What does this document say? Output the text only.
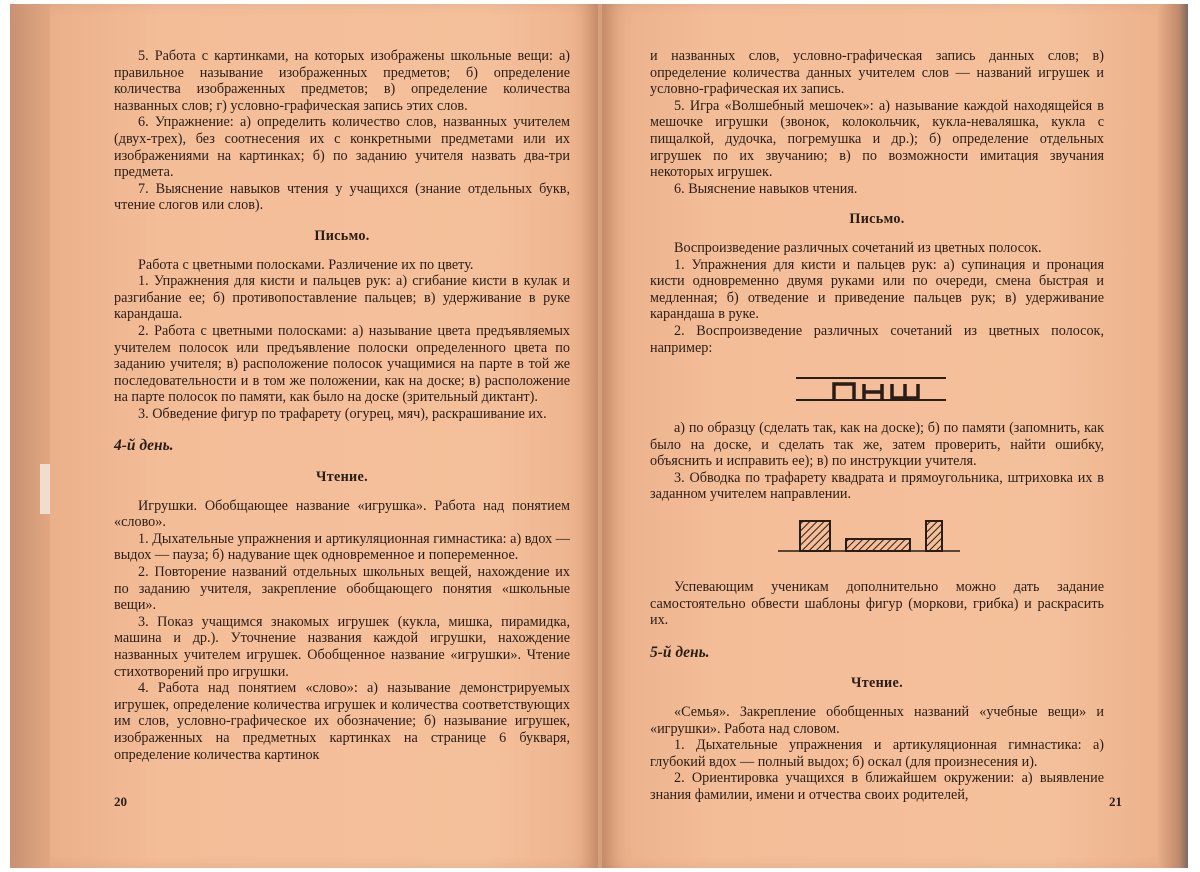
5. Работа с картинками, на которых изображены школьные вещи: а) правильное называние изображенных предметов; б) определение количества изображенных предметов; в) определение количества названных слов; г) условно-графическая запись этих слов.

6. Упражнение: а) определить количество слов, названных учителем (двух-трех), без соотнесения их с конкретными предметами или их изображениями на картинках; б) по заданию учителя назвать два-три предмета.

7. Выяснение навыков чтения у учащихся (знание отдельных букв, чтение слогов или слов).

Письмо.

Работа с цветными полосками. Различение их по цвету.

1. Упражнения для кисти и пальцев рук: а) сгибание кисти в кулак и разгибание ее; б) противопоставление пальцев; в) удерживание в руке карандаша.

2. Работа с цветными полосками: а) называние цвета предъявляемых учителем полосок или предъявление полоски определенного цвета по заданию учителя; в) расположение полосок учащимися на парте в той же последовательности и в том же положении, как на доске; в) расположение на парте полосок по памяти, как было на доске (зрительный диктант).

3. Обведение фигур по трафарету (огурец, мяч), раскрашивание их.

4-й день.

Чтение.

Игрушки. Обобщающее название «игрушка». Работа над понятием «слово».

1. Дыхательные упражнения и артикуляционная гимнастика: а) вдох — выдох — пауза; б) надувание щек одновременное и попеременное.

2. Повторение названий отдельных школьных вещей, нахождение их по заданию учителя, закрепление обобщающего понятия «школьные вещи».

3. Показ учащимся знакомых игрушек (кукла, мишка, пирамидка, машина и др.). Уточнение названия каждой игрушки, нахождение названных учителем игрушек. Обобщенное название «игрушки». Чтение стихотворений про игрушки.

4. Работа над понятием «слово»: а) называние демонстрируемых игрушек, определение количества игрушек и количества соответствующих им слов, условно-графическое их обозначение; б) называние игрушек, изображенных на предметных картинках на странице 6 букваря, определение количества картинок

20

и названных слов, условно-графическая запись данных слов; в) определение количества данных учителем слов — названий игрушек и условно-графическая их запись.

5. Игра «Волшебный мешочек»: а) называние каждой находящейся в мешочке игрушки (звонок, колокольчик, кукла-неваляшка, кукла с пищалкой, дудочка, погремушка и др.); б) определение отдельных игрушек по их звучанию; в) по возможности имитация звучания некоторых игрушек.

6. Выяснение навыков чтения.

Письмо.

Воспроизведение различных сочетаний из цветных полосок.

1. Упражнения для кисти и пальцев рук: а) супинация и пронация кисти одновременно двумя руками или по очереди, смена быстрая и медленная; б) отведение и приведение пальцев рук; в) удерживание карандаша в руке.

2. Воспроизведение различных сочетаний из цветных полосок, например:

а) по образцу (сделать так, как на доске); б) по памяти (запомнить, как было на доске, и сделать так же, затем проверить, найти ошибку, объяснить и исправить ее); в) по инструкции учителя.

3. Обводка по трафарету квадрата и прямоугольника, штриховка их в заданном учителем направлении.

Успевающим ученикам дополнительно можно дать задание самостоятельно обвести шаблоны фигур (моркови, грибка) и раскрасить их.

5-й день.

Чтение.

«Семья». Закрепление обобщенных названий «учебные вещи» и «игрушки». Работа над словом.

1. Дыхательные упражнения и артикуляционная гимнастика: а) глубокий вдох — полный выдох; б) оскал (для произнесения и).

2. Ориентировка учащихся в ближайшем окружении: а) выявление знания фамилии, имени и отчества своих родителей,	21
